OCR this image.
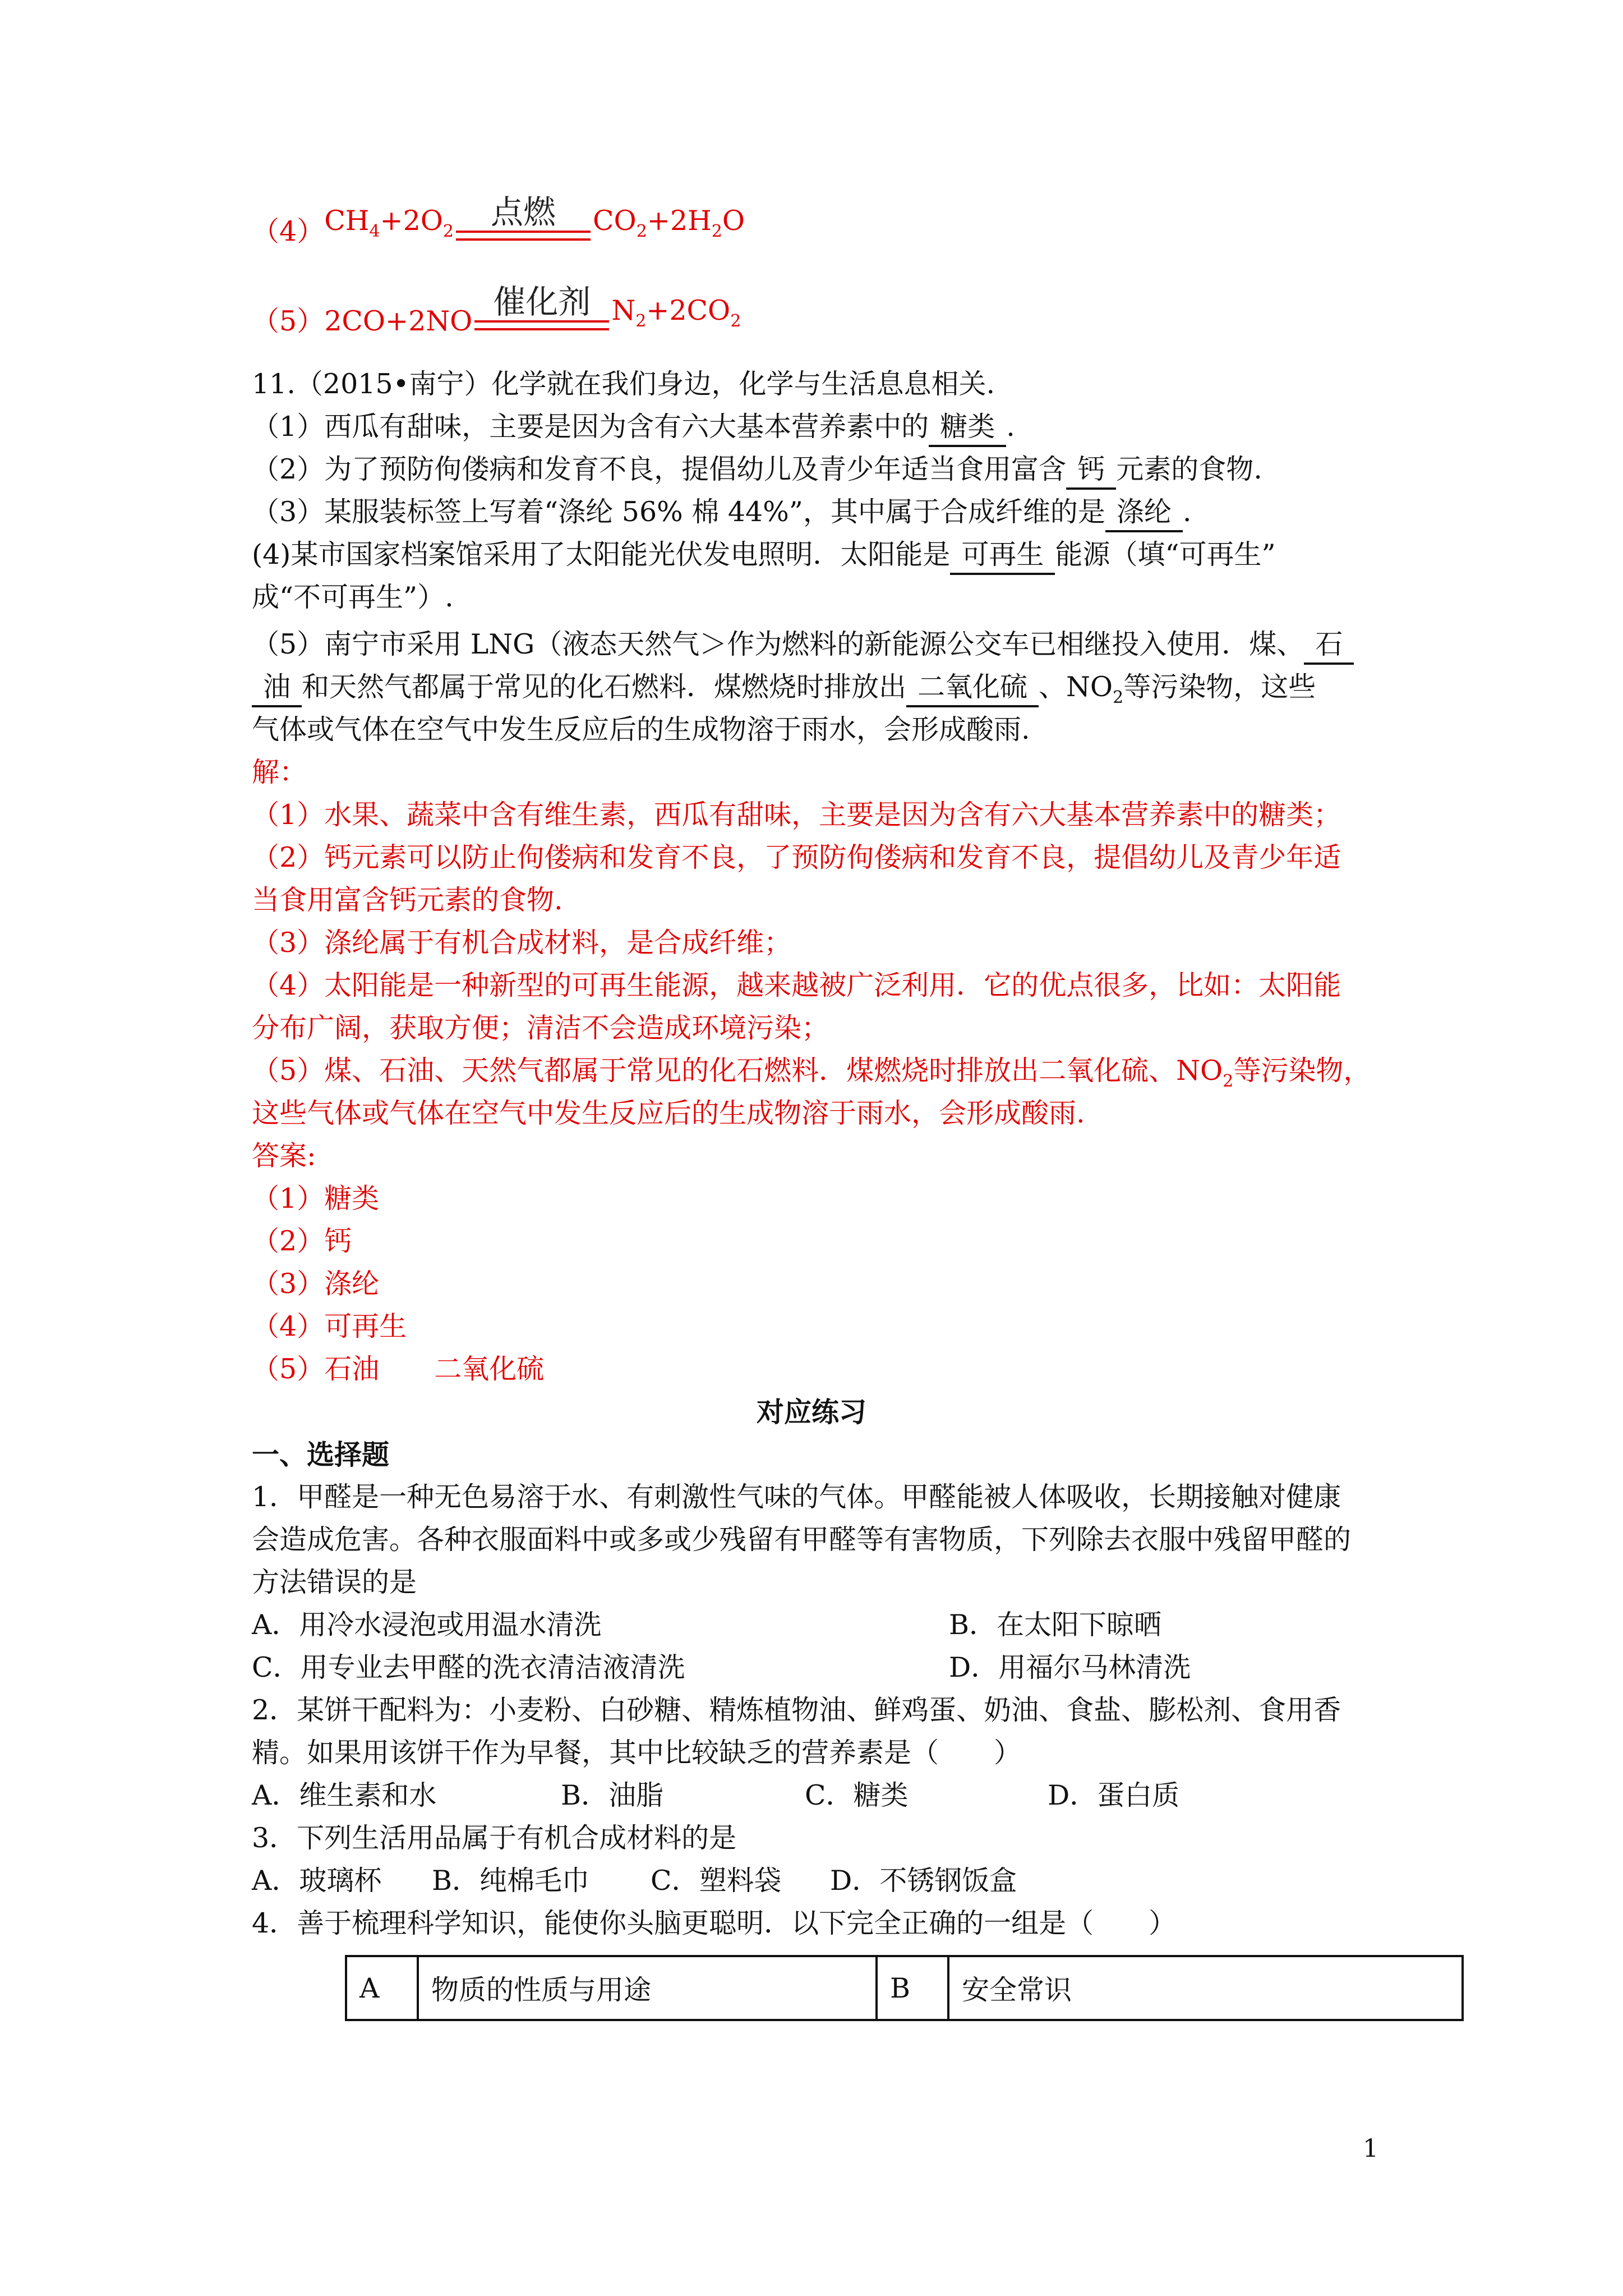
（4） $CH_4+2O_2$
点燃 $CO_2+2H_2O$
（5） 2CO+2NO
催化剂 $N_2+2CO_2$
11.（2015•南宁）化学就在我们身边，化学与生活息息相关.
（1）西瓜有甜味，主要是因为含有六大基本营养素中的 糖类 .
（2）为了预防佝偻病和发育不良，提倡幼儿及青少年适当食用富含 钙 元素的食物.
（3）某服装标签上写着“涤纶 56% 棉 44%”，其中属于合成纤维的是 涤纶 .
(4)某市国家档案馆采用了太阳能光伏发电照明．太阳能是 可再生 能源（填“可再生”
成“不可再生”）.
（5）南宁市采用 LNG（液态天然气＞作为燃料的新能源公交车已相继投入使用．煤、 石
油 和天然气都属于常见的化石燃料．煤燃烧时排放出 二氧化硫 、$NO_2$等污染物，这些
气体或气体在空气中发生反应后的生成物溶于雨水，会形成酸雨.
解：
（1）水果、蔬菜中含有维生素，西瓜有甜味，主要是因为含有六大基本营养素中的糖类；
（2）钙元素可以防止佝偻病和发育不良，了预防佝偻病和发育不良，提倡幼儿及青少年适
当食用富含钙元素的食物.
（3）涤纶属于有机合成材料，是合成纤维；
（4）太阳能是一种新型的可再生能源，越来越被广泛利用．它的优点很多，比如：太阳能
分布广阔，获取方便；清洁不会造成环境污染；
（5）煤、石油、天然气都属于常见的化石燃料．煤燃烧时排放出二氧化硫、$NO_2$等污染物，
这些气体或气体在空气中发生反应后的生成物溶于雨水，会形成酸雨.
答案:
（1）糖类
（2）钙
（3）涤纶
（4）可再生
（5）石油　　二氧化硫
对应练习
一、选择题
1．甲醛是一种无色易溶于水、有刺激性气味的气体。甲醛能被人体吸收，长期接触对健康
会造成危害。各种衣服面料中或多或少残留有甲醛等有害物质，下列除去衣服中残留甲醛的
方法错误的是
A．用冷水浸泡或用温水清洗	B．在太阳下晾晒
C．用专业去甲醛的洗衣清洁液清洗	D．用福尔马林清洗
2．某饼干配料为：小麦粉、白砂糖、精炼植物油、鲜鸡蛋、奶油、食盐、膨松剂、食用香
精。如果用该饼干作为早餐，其中比较缺乏的营养素是（　　）
A．维生素和水	B．油脂	C．糖类	D．蛋白质
3．下列生活用品属于有机合成材料的是
A．玻璃杯 B．纯棉毛巾 C．塑料袋 D．不锈钢饭盒
4．善于梳理科学知识，能使你头脑更聪明．以下完全正确的一组是（　　）
A	物质的性质与用途	B	安全常识
1
